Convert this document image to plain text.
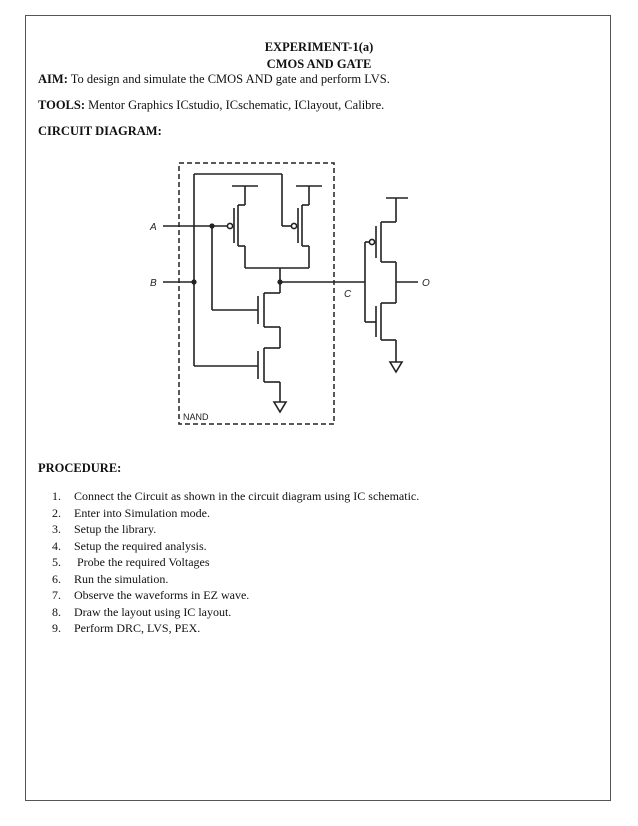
EXPERIMENT-1(a)
CMOS AND GATE
AIM: To design and simulate the CMOS AND gate and perform LVS.
TOOLS: Mentor Graphics ICstudio, ICschematic, IClayout, Calibre.
CIRCUIT DIAGRAM:
A
B
C
O
NAND
PROCEDURE:
1. Connect the Circuit as shown in the circuit diagram using IC schematic.
2. Enter into Simulation mode.
3. Setup the library.
4. Setup the required analysis.
5. Probe the required Voltages
6. Run the simulation.
7. Observe the waveforms in EZ wave.
8. Draw the layout using IC layout.
9. Perform DRC, LVS, PEX.
